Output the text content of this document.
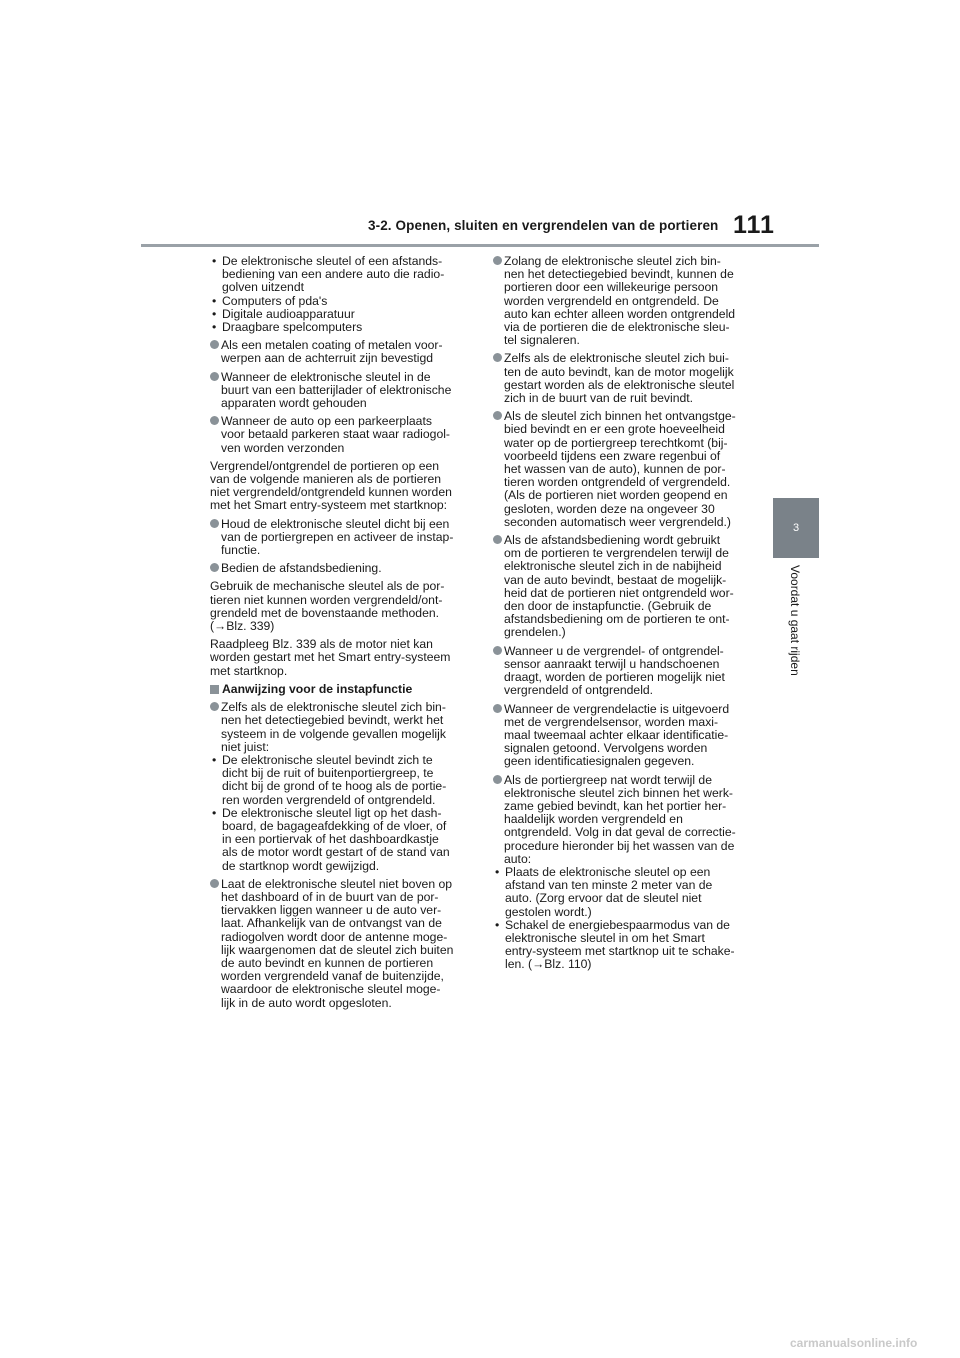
3-2. Openen, sluiten en vergrendelen van de portieren 111
3
Voordat u gaat rijden
• De elektronische sleutel of een afstands-
bediening van een andere auto die radio-
golven uitzendt
• Computers of pda's
• Digitale audioapparatuur
• Draagbare spelcomputers
Als een metalen coating of metalen voor-
werpen aan de achterruit zijn bevestigd
Wanneer de elektronische sleutel in de
buurt van een batterijlader of elektronische
apparaten wordt gehouden
Wanneer de auto op een parkeerplaats
voor betaald parkeren staat waar radiogol-
ven worden verzonden
Vergrendel/ontgrendel de portieren op een
van de volgende manieren als de portieren
niet vergrendeld/ontgrendeld kunnen worden
met het Smart entry-systeem met startknop:
Houd de elektronische sleutel dicht bij een
van de portiergrepen en activeer de instap-
functie.
Bedien de afstandsbediening.
Gebruik de mechanische sleutel als de por-
tieren niet kunnen worden vergrendeld/ont-
grendeld met de bovenstaande methoden.
(→Blz. 339)
Raadpleeg Blz. 339 als de motor niet kan
worden gestart met het Smart entry-systeem
met startknop.
Aanwijzing voor de instapfunctie
Zelfs als de elektronische sleutel zich bin-
nen het detectiegebied bevindt, werkt het
systeem in de volgende gevallen mogelijk
niet juist:
• De elektronische sleutel bevindt zich te
dicht bij de ruit of buitenportiergreep, te
dicht bij de grond of te hoog als de portie-
ren worden vergrendeld of ontgrendeld.
• De elektronische sleutel ligt op het dash-
board, de bagageafdekking of de vloer, of
in een portiervak of het dashboardkastje
als de motor wordt gestart of de stand van
de startknop wordt gewijzigd.
Laat de elektronische sleutel niet boven op
het dashboard of in de buurt van de por-
tiervakken liggen wanneer u de auto ver-
laat. Afhankelijk van de ontvangst van de
radiogolven wordt door de antenne moge-
lijk waargenomen dat de sleutel zich buiten
de auto bevindt en kunnen de portieren
worden vergrendeld vanaf de buitenzijde,
waardoor de elektronische sleutel moge-
lijk in de auto wordt opgesloten.
Zolang de elektronische sleutel zich bin-
nen het detectiegebied bevindt, kunnen de
portieren door een willekeurige persoon
worden vergrendeld en ontgrendeld. De
auto kan echter alleen worden ontgrendeld
via de portieren die de elektronische sleu-
tel signaleren.
Zelfs als de elektronische sleutel zich bui-
ten de auto bevindt, kan de motor mogelijk
gestart worden als de elektronische sleutel
zich in de buurt van de ruit bevindt.
Als de sleutel zich binnen het ontvangstge-
bied bevindt en er een grote hoeveelheid
water op de portiergreep terechtkomt (bij-
voorbeeld tijdens een zware regenbui of
het wassen van de auto), kunnen de por-
tieren worden ontgrendeld of vergrendeld.
(Als de portieren niet worden geopend en
gesloten, worden deze na ongeveer 30
seconden automatisch weer vergrendeld.)
Als de afstandsbediening wordt gebruikt
om de portieren te vergrendelen terwijl de
elektronische sleutel zich in de nabijheid
van de auto bevindt, bestaat de mogelijk-
heid dat de portieren niet ontgrendeld wor-
den door de instapfunctie. (Gebruik de
afstandsbediening om de portieren te ont-
grendelen.)
Wanneer u de vergrendel- of ontgrendel-
sensor aanraakt terwijl u handschoenen
draagt, worden de portieren mogelijk niet
vergrendeld of ontgrendeld.
Wanneer de vergrendelactie is uitgevoerd
met de vergrendelsensor, worden maxi-
maal tweemaal achter elkaar identificatie-
signalen getoond. Vervolgens worden
geen identificatiesignalen gegeven.
Als de portiergreep nat wordt terwijl de
elektronische sleutel zich binnen het werk-
zame gebied bevindt, kan het portier her-
haaldelijk worden vergrendeld en
ontgrendeld. Volg in dat geval de correctie-
procedure hieronder bij het wassen van de
auto:
• Plaats de elektronische sleutel op een
afstand van ten minste 2 meter van de
auto. (Zorg ervoor dat de sleutel niet
gestolen wordt.)
• Schakel de energiebespaarmodus van de
elektronische sleutel in om het Smart
entry-systeem met startknop uit te schake-
len. (→Blz. 110)
carmanualsonline.info
